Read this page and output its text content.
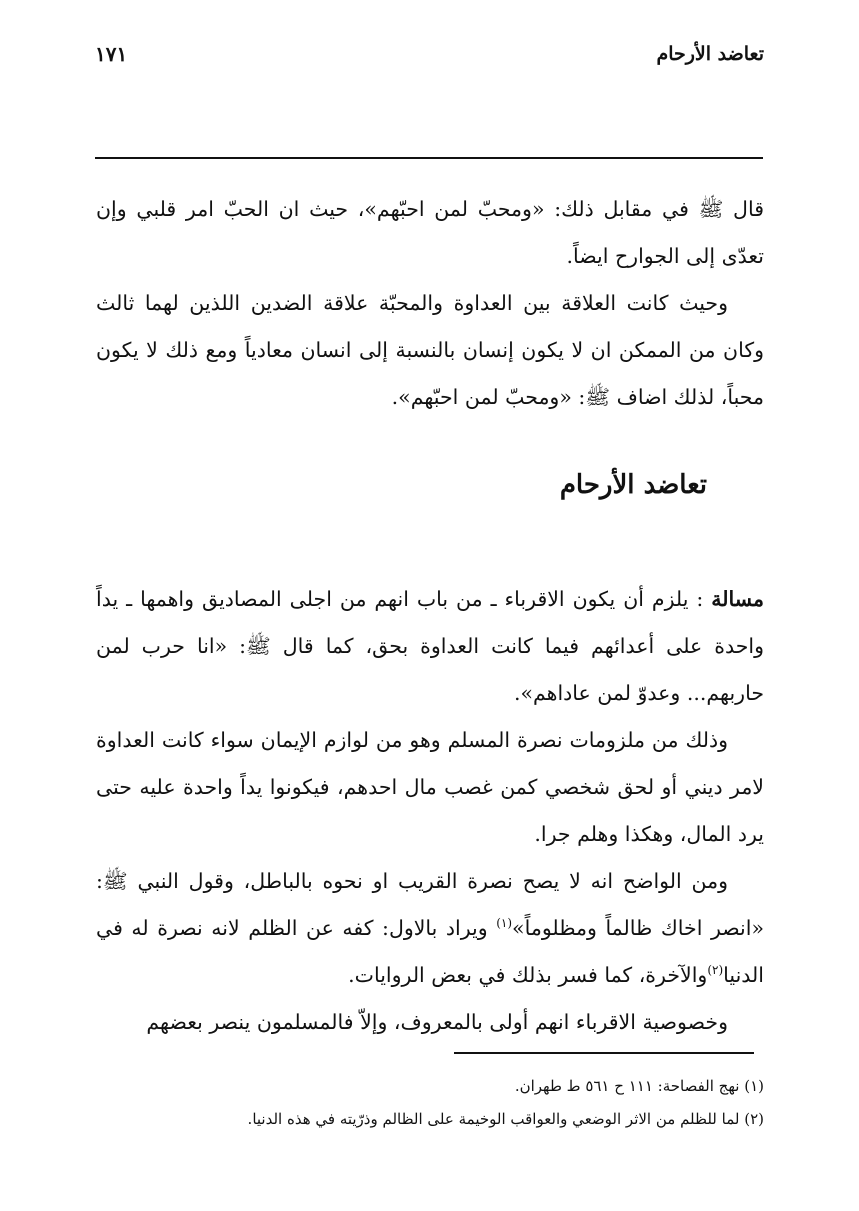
تعاضد الأرحام
١٧١

قال ﷺ في مقابل ذلك: «ومحبّ لمن احبّهم»، حيث ان الحبّ امر قلبي وإن تعدّى إلى الجوارح ايضاً.

وحيث كانت العلاقة بين العداوة والمحبّة علاقة الضدين اللذين لهما ثالث وكان من الممكن ان لا يكون إنسان بالنسبة إلى انسان معادياً ومع ذلك لا يكون محباً، لذلك اضاف ﷺ: «ومحبّ لمن احبّهم».

تعاضد الأرحام

مسالة : يلزم أن يكون الاقرباء ـ من باب انهم من اجلى المصاديق واهمها ـ يداً واحدة على أعدائهم فيما كانت العداوة بحق، كما قال ﷺ: «انا حرب لمن حاربهم... وعدوّ لمن عاداهم».

وذلك من ملزومات نصرة المسلم وهو من لوازم الإيمان سواء كانت العداوة لامر ديني أو لحق شخصي كمن غصب مال احدهم، فيكونوا يداً واحدة عليه حتى يرد المال، وهكذا وهلم جرا.

ومن الواضح انه لا يصح نصرة القريب او نحوه بالباطل، وقول النبي ﷺ: «انصر اخاك ظالماً ومظلوماً»$^{(١)}$ ويراد بالاول: كفه عن الظلم لانه نصرة له في الدنيا$^{(٢)}$والآخرة، كما فسر بذلك في بعض الروايات.

وخصوصية الاقرباء انهم أولى بالمعروف، وإلاّ فالمسلمون ينصر بعضهم

(١) نهج الفصاحة: ١١١ ح ٥٦١ ط طهران.

(٢) لما للظلم من الاثر الوضعي والعواقب الوخيمة على الظالم وذرّيته في هذه الدنيا.
